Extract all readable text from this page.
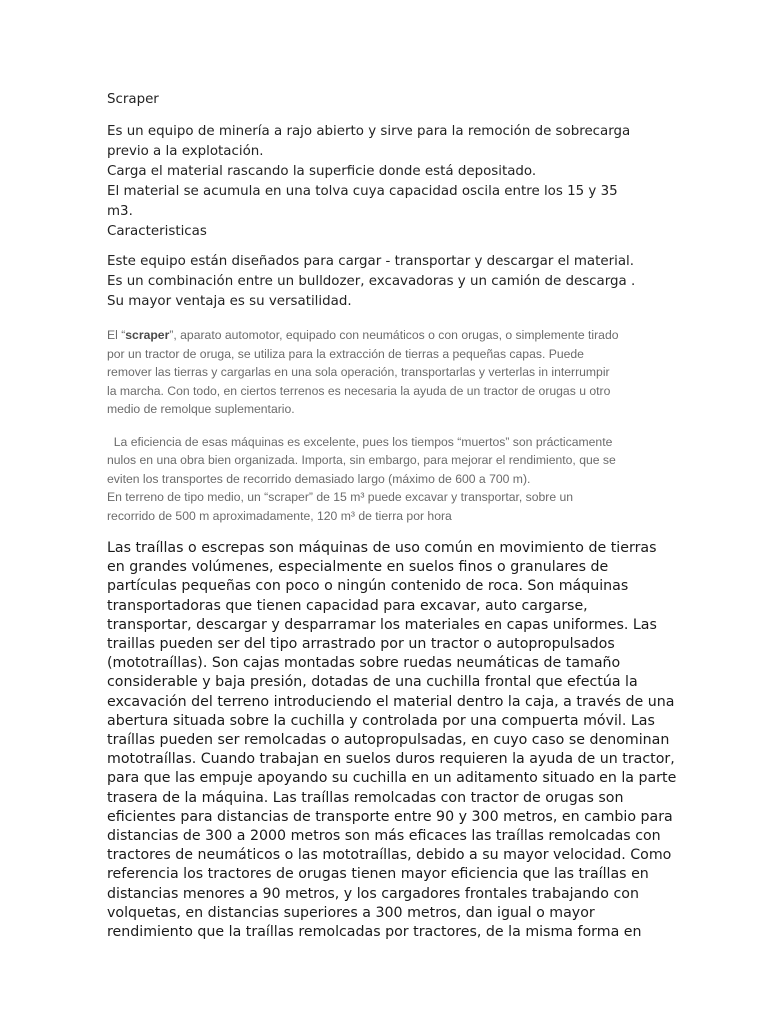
Scraper
Es un equipo de minería a rajo abierto y sirve para la remoción de sobrecarga
previo a la explotación.
Carga el material rascando la superficie donde está depositado.
El material se acumula en una tolva cuya capacidad oscila entre los 15 y 35
m3.
Caracteristicas
Este equipo están diseñados para cargar - transportar y descargar el material.
Es un combinación entre un bulldozer, excavadoras y un camión de descarga .
Su mayor ventaja es su versatilidad.
El “scraper”, aparato automotor, equipado con neumáticos o con orugas, o simplemente tirado
por un tractor de oruga, se utiliza para la extracción de tierras a pequeñas capas. Puede
remover las tierras y cargarlas en una sola operación, transportarlas y verterlas in interrumpir
la marcha. Con todo, en ciertos terrenos es necesaria la ayuda de un tractor de orugas u otro
medio de remolque suplementario.
La eficiencia de esas máquinas es excelente, pues los tiempos “muertos” son prácticamente
nulos en una obra bien organizada. Importa, sin embargo, para mejorar el rendimiento, que se
eviten los transportes de recorrido demasiado largo (máximo de 600 a 700 m).
En terreno de tipo medio, un “scraper” de 15 m³ puede excavar y transportar, sobre un
recorrido de 500 m aproximadamente, 120 m³ de tierra por hora
Las traíllas o escrepas son máquinas de uso común en movimiento de tierras
en grandes volúmenes, especialmente en suelos finos o granulares de
partículas pequeñas con poco o ningún contenido de roca. Son máquinas
transportadoras que tienen capacidad para excavar, auto cargarse,
transportar, descargar y desparramar los materiales en capas uniformes. Las
traillas pueden ser del tipo arrastrado por un tractor o autopropulsados
(mototraíllas). Son cajas montadas sobre ruedas neumáticas de tamaño
considerable y baja presión, dotadas de una cuchilla frontal que efectúa la
excavación del terreno introduciendo el material dentro la caja, a través de una
abertura situada sobre la cuchilla y controlada por una compuerta móvil. Las
traíllas pueden ser remolcadas o autopropulsadas, en cuyo caso se denominan
mototraíllas. Cuando trabajan en suelos duros requieren la ayuda de un tractor,
para que las empuje apoyando su cuchilla en un aditamento situado en la parte
trasera de la máquina. Las traíllas remolcadas con tractor de orugas son
eficientes para distancias de transporte entre 90 y 300 metros, en cambio para
distancias de 300 a 2000 metros son más eficaces las traíllas remolcadas con
tractores de neumáticos o las mototraíllas, debido a su mayor velocidad. Como
referencia los tractores de orugas tienen mayor eficiencia que las traíllas en
distancias menores a 90 metros, y los cargadores frontales trabajando con
volquetas, en distancias superiores a 300 metros, dan igual o mayor
rendimiento que la traíllas remolcadas por tractores, de la misma forma en
